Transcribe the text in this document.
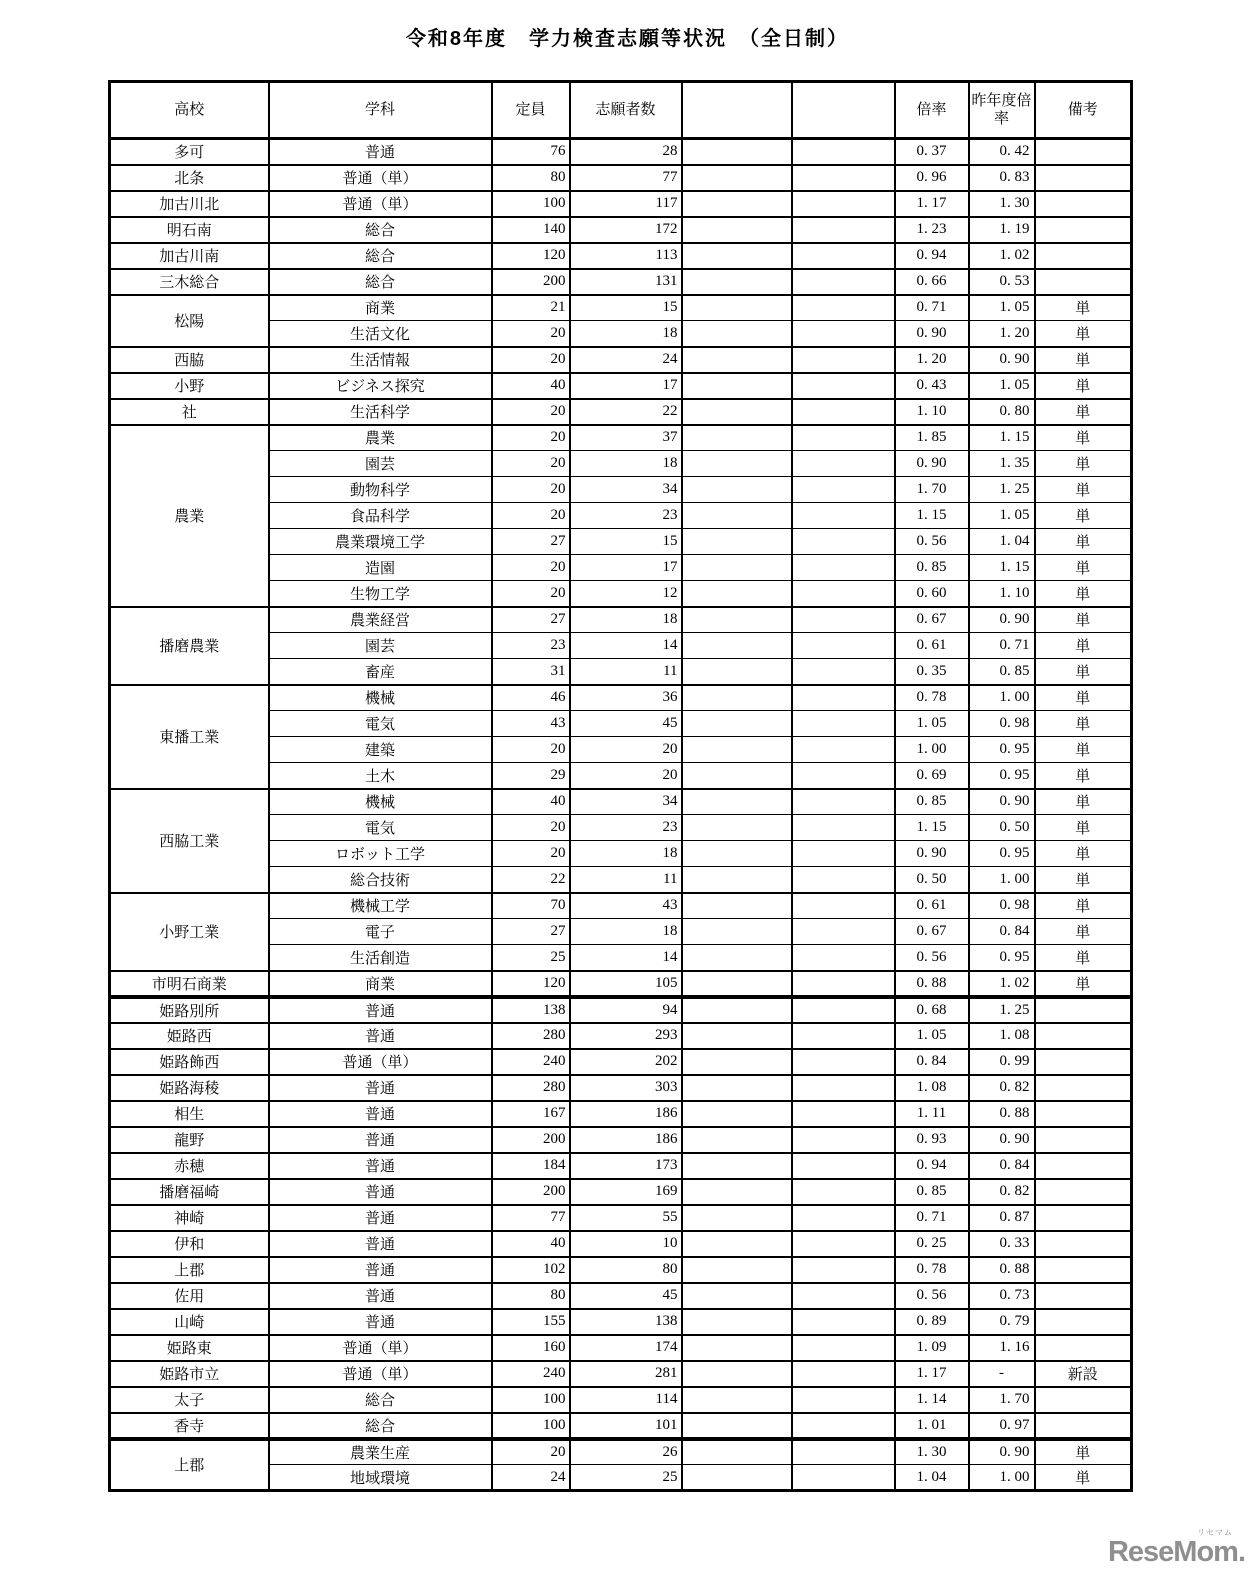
令和8年度　学力検査志願等状況　（全日制）
高校	学科	定員	志願者数			倍率	昨年度倍率	備考
多可	普通	76	28			0. 37	0. 42	
北条	普通（単）	80	77			0. 96	0. 83	
加古川北	普通（単）	100	117			1. 17	1. 30	
明石南	総合	140	172			1. 23	1. 19	
加古川南	総合	120	113			0. 94	1. 02	
三木総合	総合	200	131			0. 66	0. 53	
松陽	商業	21	15			0. 71	1. 05	単
	生活文化	20	18			0. 90	1. 20	単
西脇	生活情報	20	24			1. 20	0. 90	単
小野	ビジネス探究	40	17			0. 43	1. 05	単
社	生活科学	20	22			1. 10	0. 80	単
農業	農業	20	37			1. 85	1. 15	単
	園芸	20	18			0. 90	1. 35	単
	動物科学	20	34			1. 70	1. 25	単
	食品科学	20	23			1. 15	1. 05	単
	農業環境工学	27	15			0. 56	1. 04	単
	造園	20	17			0. 85	1. 15	単
	生物工学	20	12			0. 60	1. 10	単
播磨農業	農業経営	27	18			0. 67	0. 90	単
	園芸	23	14			0. 61	0. 71	単
	畜産	31	11			0. 35	0. 85	単
東播工業	機械	46	36			0. 78	1. 00	単
	電気	43	45			1. 05	0. 98	単
	建築	20	20			1. 00	0. 95	単
	土木	29	20			0. 69	0. 95	単
西脇工業	機械	40	34			0. 85	0. 90	単
	電気	20	23			1. 15	0. 50	単
	ロボット工学	20	18			0. 90	0. 95	単
	総合技術	22	11			0. 50	1. 00	単
小野工業	機械工学	70	43			0. 61	0. 98	単
	電子	27	18			0. 67	0. 84	単
	生活創造	25	14			0. 56	0. 95	単
市明石商業	商業	120	105			0. 88	1. 02	単
姫路別所	普通	138	94			0. 68	1. 25	
姫路西	普通	280	293			1. 05	1. 08	
姫路飾西	普通（単）	240	202			0. 84	0. 99	
姫路海稜	普通	280	303			1. 08	0. 82	
相生	普通	167	186			1. 11	0. 88	
龍野	普通	200	186			0. 93	0. 90	
赤穂	普通	184	173			0. 94	0. 84	
播磨福崎	普通	200	169			0. 85	0. 82	
神崎	普通	77	55			0. 71	0. 87	
伊和	普通	40	10			0. 25	0. 33	
上郡	普通	102	80			0. 78	0. 88	
佐用	普通	80	45			0. 56	0. 73	
山崎	普通	155	138			0. 89	0. 79	
姫路東	普通（単）	160	174			1. 09	1. 16	
姫路市立	普通（単）	240	281			1. 17	-	新設
太子	総合	100	114			1. 14	1. 70	
香寺	総合	100	101			1. 01	0. 97	
上郡	農業生産	20	26			1. 30	0. 90	単
	地域環境	24	25			1. 04	1. 00	単
リセマム
ReseMom.
